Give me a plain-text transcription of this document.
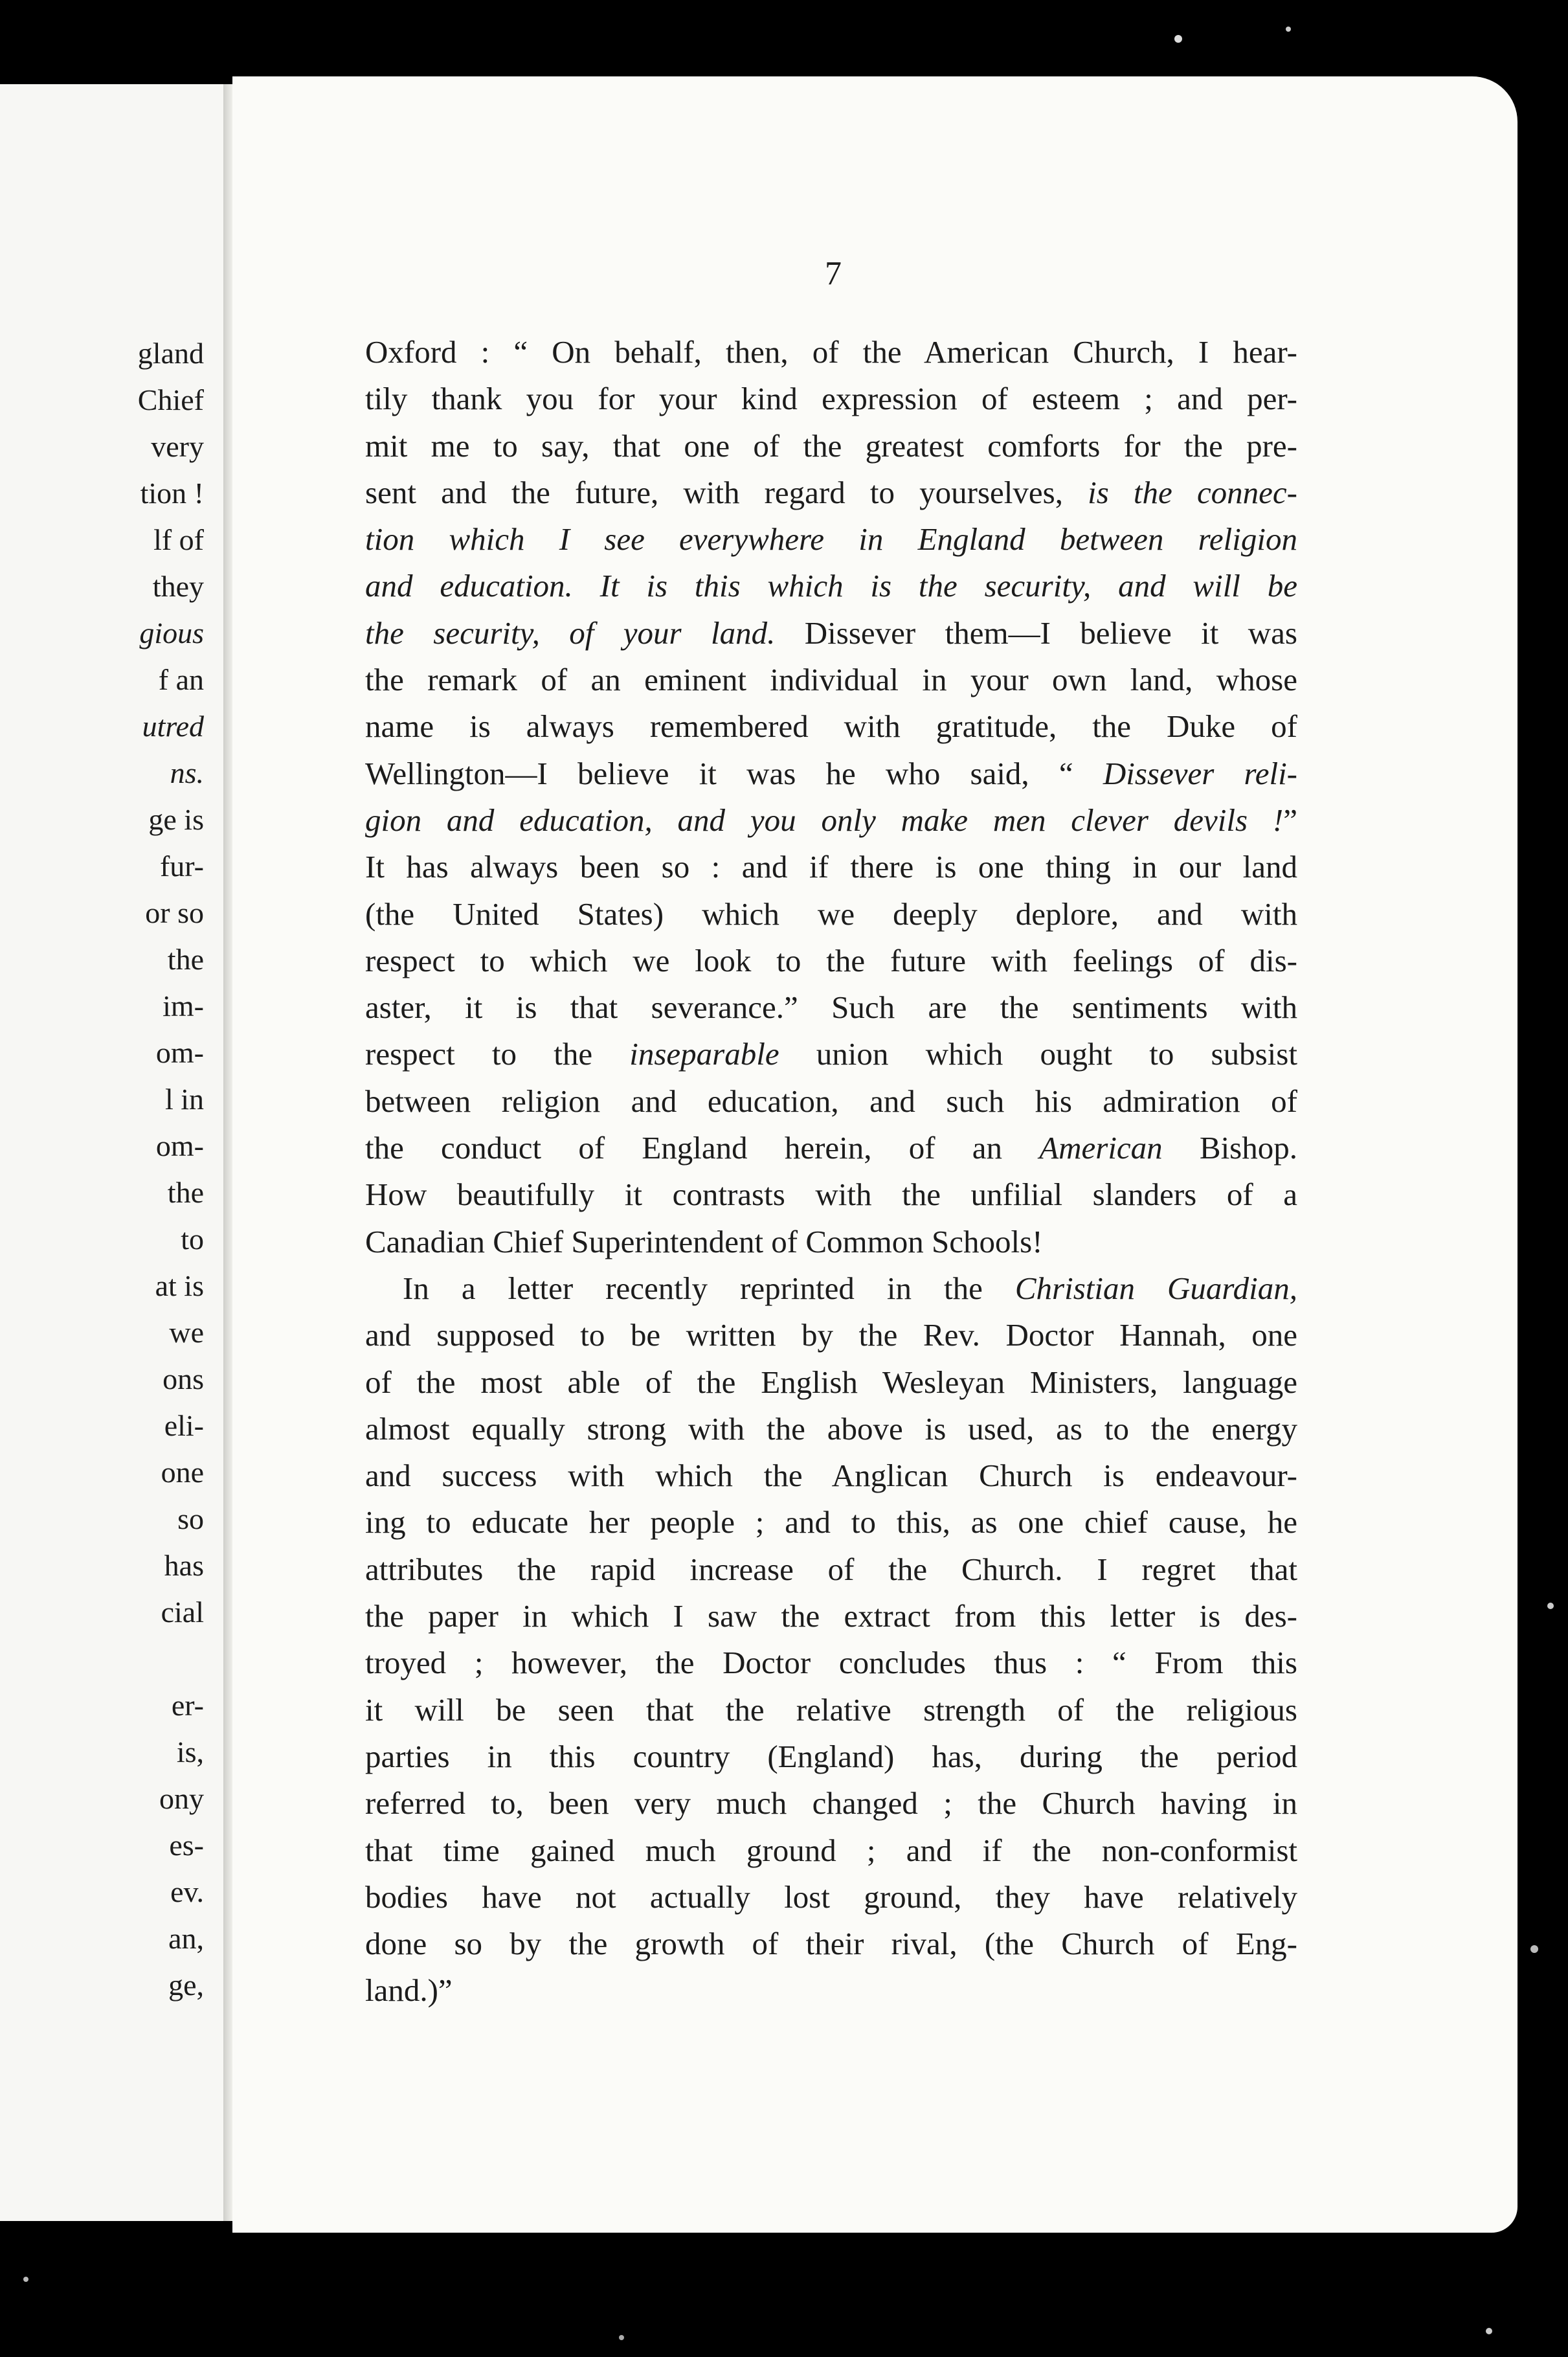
gland
Chief
very
tion !
lf of
they
gious
f an
utred
ns.
ge is
fur-
or so
the
im-
om-
l in
om-
the
to
at is
we
ons
eli-
one
so
has
cial
er-
is,
ony
es-
ev.
an,
ge,
7
Oxford : “ On behalf, then, of the American Church, I hear-
tily thank you for your kind expression of esteem ; and per-
mit me to say, that one of the greatest comforts for the pre-
sent and the future, with regard to yourselves, is the connec-
tion which I see everywhere in England between religion
and education. It is this which is the security, and will be
the security, of your land. Dissever them—I believe it was
the remark of an eminent individual in your own land, whose
name is always remembered with gratitude, the Duke of
Wellington—I believe it was he who said, “ Dissever reli-
gion and education, and you only make men clever devils !”
It has always been so : and if there is one thing in our land
(the United States) which we deeply deplore, and with
respect to which we look to the future with feelings of dis-
aster, it is that severance.” Such are the sentiments with
respect to the inseparable union which ought to subsist
between religion and education, and such his admiration of
the conduct of England herein, of an American Bishop.
How beautifully it contrasts with the unfilial slanders of a
Canadian Chief Superintendent of Common Schools!
In a letter recently reprinted in the Christian Guardian,
and supposed to be written by the Rev. Doctor Hannah, one
of the most able of the English Wesleyan Ministers, language
almost equally strong with the above is used, as to the energy
and success with which the Anglican Church is endeavour-
ing to educate her people ; and to this, as one chief cause, he
attributes the rapid increase of the Church. I regret that
the paper in which I saw the extract from this letter is des-
troyed ; however, the Doctor concludes thus : “ From this
it will be seen that the relative strength of the religious
parties in this country (England) has, during the period
referred to, been very much changed ; the Church having in
that time gained much ground ; and if the non-conformist
bodies have not actually lost ground, they have relatively
done so by the growth of their rival, (the Church of Eng-
land.)”
